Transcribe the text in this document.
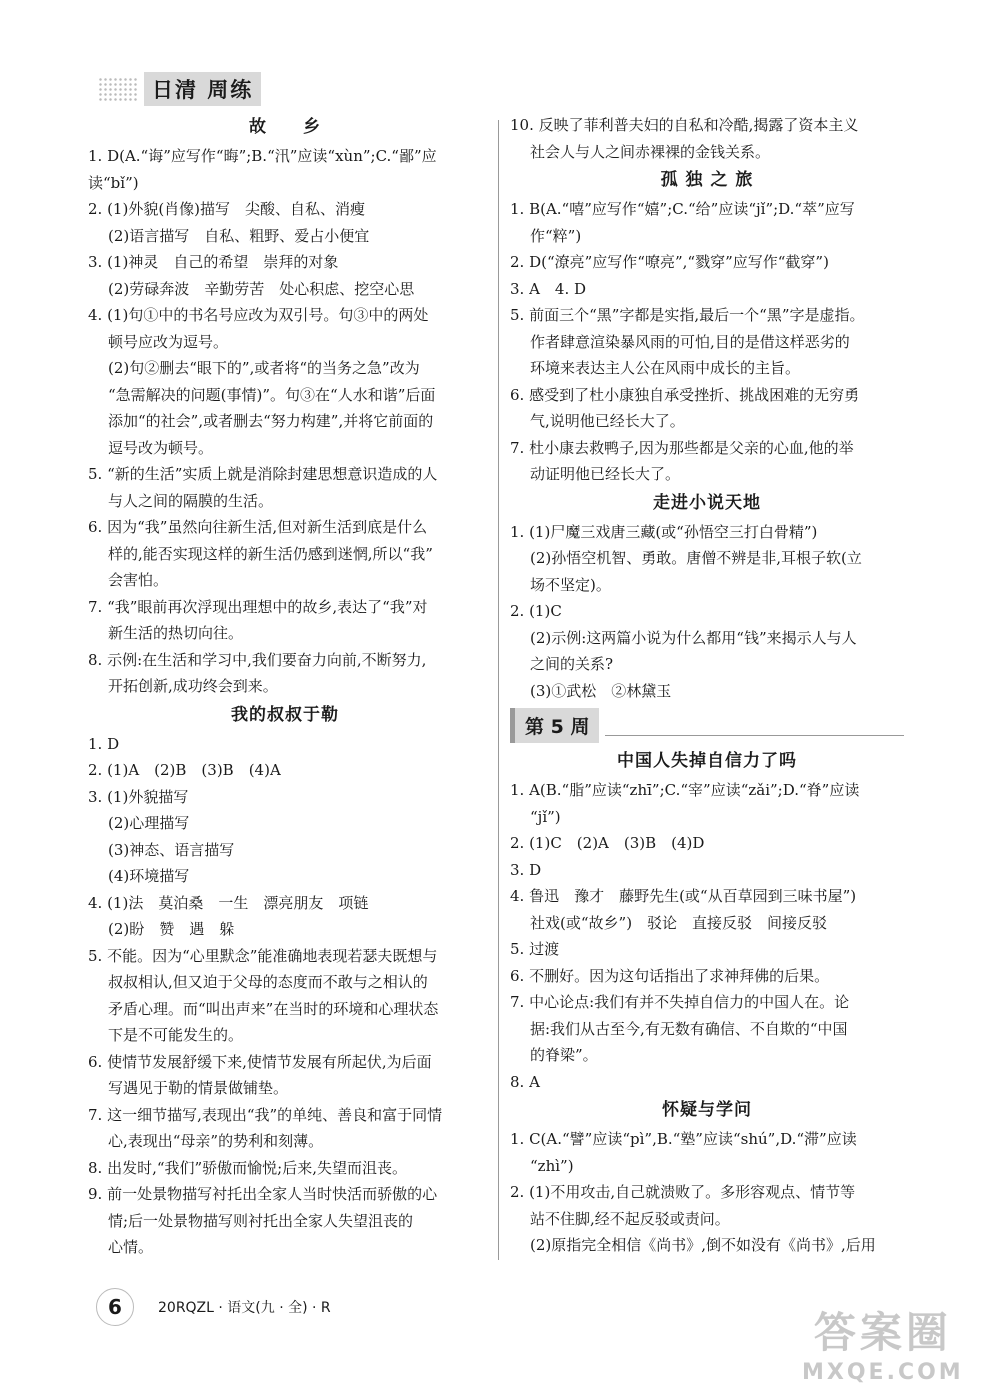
日清 周练
故　　乡
1. D(A.“诲”应写作“晦”;B.“汛”应读“xùn”;C.“鄙”应
读“bǐ”)
2. (1)外貌(肖像)描写　尖酸、自私、消瘦
(2)语言描写　自私、粗野、爱占小便宜
3. (1)神灵　自己的希望　崇拜的对象
(2)劳碌奔波　辛勤劳苦　处心积虑、挖空心思
4. (1)句①中的书名号应改为双引号。句③中的两处
顿号应改为逗号。
(2)句②删去“眼下的”,或者将“的当务之急”改为
“急需解决的问题(事情)”。句③在“人水和谐”后面
添加“的社会”,或者删去“努力构建”,并将它前面的
逗号改为顿号。
5. “新的生活”实质上就是消除封建思想意识造成的人
与人之间的隔膜的生活。
6. 因为“我”虽然向往新生活,但对新生活到底是什么
样的,能否实现这样的新生活仍感到迷惘,所以“我”
会害怕。
7. “我”眼前再次浮现出理想中的故乡,表达了“我”对
新生活的热切向往。
8. 示例:在生活和学习中,我们要奋力向前,不断努力,
开拓创新,成功终会到来。
我的叔叔于勒
1. D
2. (1)A　(2)B　(3)B　(4)A
3. (1)外貌描写
(2)心理描写
(3)神态、语言描写
(4)环境描写
4. (1)法　莫泊桑　一生　漂亮朋友　项链
(2)盼　赞　遇　躲
5. 不能。因为“心里默念”能准确地表现若瑟夫既想与
叔叔相认,但又迫于父母的态度而不敢与之相认的
矛盾心理。而“叫出声来”在当时的环境和心理状态
下是不可能发生的。
6. 使情节发展舒缓下来,使情节发展有所起伏,为后面
写遇见于勒的情景做铺垫。
7. 这一细节描写,表现出“我”的单纯、善良和富于同情
心,表现出“母亲”的势利和刻薄。
8. 出发时,“我们”骄傲而愉悦;后来,失望而沮丧。
9. 前一处景物描写衬托出全家人当时快活而骄傲的心
情;后一处景物描写则衬托出全家人失望沮丧的
心情。
10. 反映了菲利普夫妇的自私和冷酷,揭露了资本主义
社会人与人之间赤裸裸的金钱关系。
孤 独 之 旅
1. B(A.“嘻”应写作“嬉”;C.“给”应读“jǐ”;D.“萃”应写
作“粹”)
2. D(“潦亮”应写作“嘹亮”,“戮穿”应写作“截穿”)
3. A　4. D
5. 前面三个“黑”字都是实指,最后一个“黑”字是虚指。
作者肆意渲染暴风雨的可怕,目的是借这样恶劣的
环境来表达主人公在风雨中成长的主旨。
6. 感受到了杜小康独自承受挫折、挑战困难的无穷勇
气,说明他已经长大了。
7. 杜小康去救鸭子,因为那些都是父亲的心血,他的举
动证明他已经长大了。
走进小说天地
1. (1)尸魔三戏唐三藏(或“孙悟空三打白骨精”)
(2)孙悟空机智、勇敢。唐僧不辨是非,耳根子软(立
场不坚定)。
2. (1)C
(2)示例:这两篇小说为什么都用“钱”来揭示人与人
之间的关系?
(3)①武松　②林黛玉
第 5 周
中国人失掉自信力了吗
1. A(B.“脂”应读“zhī”;C.“宰”应读“zǎi”;D.“脊”应读
“jǐ”)
2. (1)C　(2)A　(3)B　(4)D
3. D
4. 鲁迅　豫才　藤野先生(或“从百草园到三味书屋”)
社戏(或“故乡”)　驳论　直接反驳　间接反驳
5. 过渡
6. 不删好。因为这句话指出了求神拜佛的后果。
7. 中心论点:我们有并不失掉自信力的中国人在。论
据:我们从古至今,有无数有确信、不自欺的“中国
的脊梁”。
8. A
怀疑与学问
1. C(A.“譬”应读“pì”,B.“塾”应读“shú”,D.“滞”应读
“zhì”)
2. (1)不用攻击,自己就溃败了。多形容观点、情节等
站不住脚,经不起反驳或责问。
(2)原指完全相信《尚书》,倒不如没有《尚书》,后用
6	20RQZL · 语文(九 · 全) · R	答案圈
MXQE.COM
